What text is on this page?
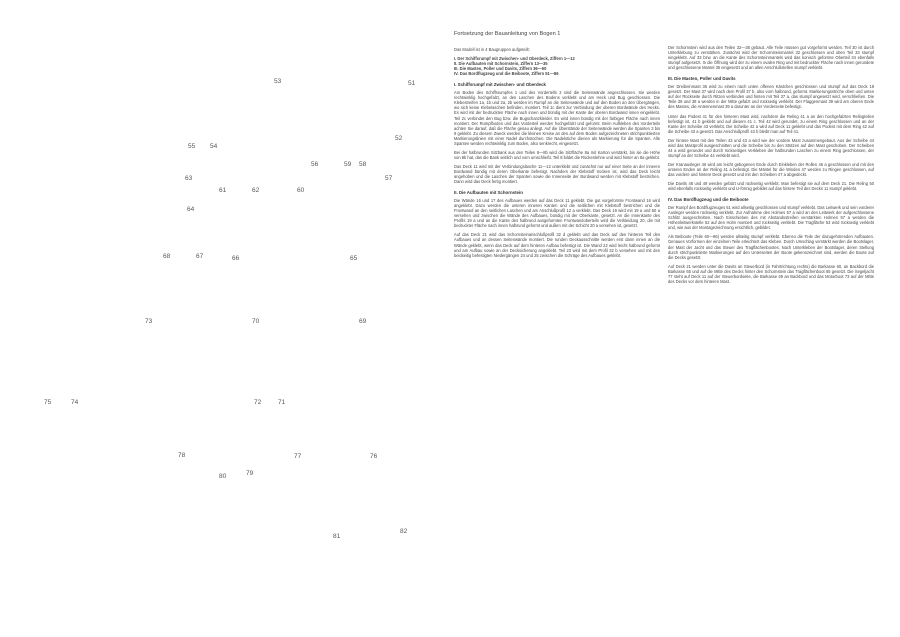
51
52
53
54
55
56	59 58
57
61	62	60
63
64
65
66
67
68
69
70
71
72
73
74
75
76
77
78
79
80
81
82
Fortsetzung der Bauanleitung von Bogen 1

Das Modell ist in 4 Baugruppen aufgeteilt:

I. Der Schiffsrumpf mit Zwischen- und Oberdeck, Ziffern 1—12
II. Die Aufbauten mit Schornstein, Ziffern 13—35
III. Die Masten, Poller und Davits, Ziffern 36—50
IV. Das Bordflugzeug und die Beiboote, Ziffern 51—86
I. Schiffsrumpf mit Zwischen- und Oberdeck

Am Boden des Schiffsrumpfes 1 und des Vordertells 2 sind die Seitenwände angeschlossen. Sie werden rechtwinklig hochgefalzt, an den Laschen des Bodens verklebt und am Heck und Bug geschlossen. Die Klebestreifen 1a, 1b und 2a, 2b werden im Rumpf an die Seitenwände und auf den Boden an den Übergängen, wo sich keine Klebelaschen befinden, montiert. Teil 1c dient zur Verbindung der oberen Bordwände des Hecks. Es wird mit der bedruckten Fläche nach innen und bündig mit der Kante der oberen Bordwand innen eingeklebt. Teil 2c verbindet den Bug bzw. die Bugschanzkleider. Es wird innen bündig mit der farbigen Fläche nach innen montiert. Der Rumpfboden und das Vorderteil werden hochgefalzt und geformt. Beim Aufkleben des Vorderteils achten Sie darauf, daß die Fläche genau anliegt. Auf die Überstände der Seitenwände werden die Spanten 3 bis 9 geklebt. Zu diesem Zweck werden die kleinen Kreise an den auf dem Boden aufgezeichneten strichpunktierten Markierungslinien mit einer Nadel durchstochen. Die Nadelstiche dienen als Markierung für die Spanten. Alle Spanten werden rechtwinklig zum Boden, also senkrecht, eingesetzt.

Bei der halbrunden Sitzbank aus den Teilen 8—8b wird die Sitzfläche 8a mit Karton verstärkt, bis sie die Höhe von 8b hat, das die Bank seitlich und vorn umschließt. Teil 8 bildet die Rückenlehne und wird hinter an 8a geklebt.

Das Deck 11 wird mit der Verbindungslasche 11—12 unterklebt und zunächst nur auf einer Seite an der inneren Bordwand bündig mit deren Oberkante befestigt. Nachdem der Klebstoff trocken ist, wird das Deck leicht angehoben und die Laschen der Spanten sowie die Innenseite der Bordwand werden mit Klebstoff bestrichen. Dann wird das Deck fertig montiert.

II. Die Aufbauten mit Schornstein

Die Wände 16 und 17 des Aufbaues werden auf das Deck 11 geklebt. Die gut vorgeformte Frontwand 16 wird angeklebt. Dazu werden die unteren inneren Kanten und die seitlichen mit Klebstoff bestrichen und die Frontwand an den seitlichen Laschen und am Anschlußprofil 12 a verklebt. Das Deck 19 wird mit 19 a und 50 a versehen und zwischen die Wände des Aufbaues, bündig mit der Oberkante, gesetzt. An die Innenkante des Profils 19 a und an die Kante des halbrund ausgeformten Frontwandoberteils wird die Verkleidung 20, die mit bedruckter Fläche nach innen halbrund geformt und außen mit der Schicht 20 a versehen ist, gesetzt.

Auf das Deck 21 wird das Schornsteinanschlußprofil 32 d geklebt und das Deck auf den hinteren Teil des Aufbaues und an dessen Seitenwände montiert. Die runden Deckausschnitte werden erst dann innen an die Wände geklebt, wenn das Deck auf dem hinteren Aufbau befestigt ist. Die Wand 22 wird leicht halbrund geformt und am Aufbau sowie an der Decksicherung angeklebt. Teil 23 wird mit dem Profil 32 b versehen und mit den beidseitig befestigten Niedergängen 24 und 25 zwischen die Schräge des Aufbaues geklebt.

Der Schornstein wird aus den Teilen 32—38 gebaut. Alle Teile müssen gut vorgeformt werden. Teil 30 ist durch Unterklebung zu verstärken. Zunächst wird der Schornsteinmantel 32 geschlossen und oben Teil 33 stumpf eingeklebt. Auf 33 bzw. an die Kante des Schornsteinmantels wird das konisch geformte Oberteil 34 ebenfalls stumpf aufgesetzt. In die Öffnung wird der zu einem ovalen Ring und mit bedruckter Fläche nach innen gerundete und geschlossene Mantel 35 eingesetzt und an allen Anschlußstellen stumpf verklebt.

III. Die Masten, Poller und Davits

Der Dreibeinmast 36 wird zu einem nach unten offenen Kästchen geschlossen und stumpf auf das Deck 19 gesetzt. Der Mast 37 wird nach dem Profil 37 b, also vorn halbrund, geformt. Markierungsstriche oben und unten auf der Rückseite durch Ritzen verbinden und hinten mit Teil 37 a, das stumpf angesetzt wird, verschließen. Die Teile 38 und 38 a werden in der Mitte gefalzt und rückseitig verklebt. Der Flaggenmast 39 wird am oberen Ende des Mastes, die Antennenmast 39 a darunter an der Vorderseite befestigt.

Unter das Podest 41 für den hinteren Mast wird, nachdem die Reling 41 a an den hochgefalzten Relingteilen befestigt ist, 41 b geklebt und auf diesem 41 c. Teil 42 wird gerundet, zu einem Ring geschlossen und an der Kante der Scheibe 43 verklebt. Die Scheibe 42 a wird auf Deck 11 geklebt und das Podest mit dem Ring 42 auf die Scheibe 43 a gesetzt. Das Anschlußprofil 43 b bleibt man auf Teil 41.

Der hintere Mast mit den Teilen 43 und 43 a wird wie der vordere Mast zusammengebaut. Aus der Scheibe 44 wird das Mastprofil ausgeschnitten und die Scheibe bis zu den Stützen auf den Mast geschoben. Der Scheiben 44 a wird gerundet und durch rückseitiges Verkleben der halbrunden Laschen zu einem Ring geschlossen, der stumpf an der Scheibe 44 verklebt wird.

Der Kranausleger 46 wird am leicht gebogenen Ende durch Einkleben der Rollen 46 a geschlossen und mit den unteren Enden an der Reling 41 a befestigt. Die Mäntel für die Winden 47 werden zu Ringen geschlossen, auf das vordere und hintere Deck gesetzt und mit den Scheiben 47 a abgedeckt.

Die Davits 48 und 49 werden gefalzt und rückseitig verklebt. Man befestigt sie auf dem Deck 21. Die Reling 50 wird ebenfalls rückseitig verklebt und U-förmig gebildet auf das hintere Teil des Decks 11 stumpf geklebt.

IV. Das Bordflugzeug und die Beiboote

Der Rumpf des Bordflugzeuges 51 wird allseitig geschlossen und stumpf verklebt. Das Leitwerk und sein vorderer Ausleger werden rückseitig verklebt. Zur Aufnahme des Holmes 57 a wird an den Leitwerk der aufgeschlossene Schlitz ausgeschnitten. Nach Einschieben des mit Abstandsstreifen verstärkten Holmes 57 a werden die Höhenleitwerkstelle 52 auf den Holm montiert und rückseitig verklebt. Die Tragfläche 53 wird rückseitig verklebt und, wie aus der Montagezeichnung ersichtlich, gebildet.

Als Beiboote (Teile 60—86) werden allseitig stumpf verklebt. Ebenso die Teile der dazugehörenden Aufbauten. Genaues Vorformen der einzelnen Teile erleichtert das Kleben. Durch Umschlag verstärkt werden die Bootslager, der Mast der Jacht und das Steuer des Tragflächenbootes. Nach Unterkleben der Bootslager, deren Stellung durch strichpunktierte Markierungen auf den Unterseiten der Boote gekennzeichnet sind, werden die Boote auf die Decks gesetzt.

Auf Deck 21 werden unter die Davits an Steuerbord (in Fahrtrichtung rechts) die Barkasse 60, an Backbord die Barkasse 65 und auf die Mitte des Decks hinter den Schornstein das Tragflächenboot 65 gesetzt. Die Segeljacht 77 steht auf Deck 11 auf der Steuerbordseite, die Barkasse 69 an Backbord und das Motorboot 73 auf der Mitte des Decks vor dem hinteren Mast.
